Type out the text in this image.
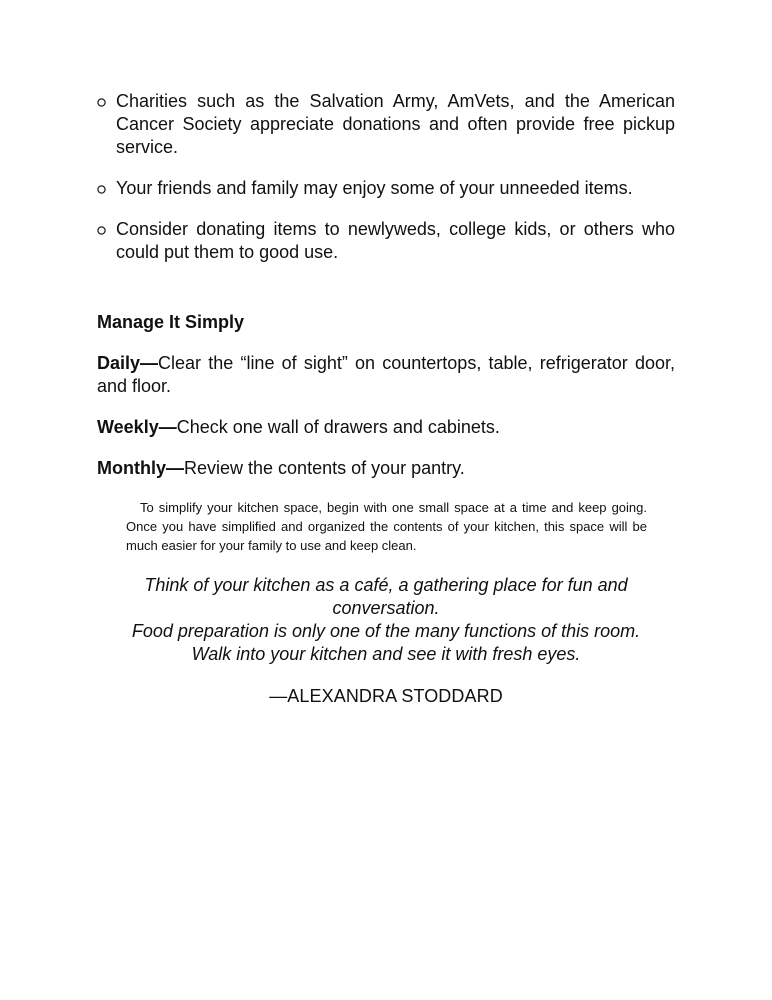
Charities such as the Salvation Army, AmVets, and the American Cancer Society appreciate donations and often provide free pickup service.
Your friends and family may enjoy some of your unneeded items.
Consider donating items to newlyweds, college kids, or others who could put them to good use.
Manage It Simply
Daily—Clear the “line of sight” on countertops, table, refrigerator door, and floor.
Weekly—Check one wall of drawers and cabinets.
Monthly—Review the contents of your pantry.

To simplify your kitchen space, begin with one small space at a time and keep going. Once you have simplified and organized the contents of your kitchen, this space will be much easier for your family to use and keep clean.

Think of your kitchen as a café, a gathering place for fun and conversation.
Food preparation is only one of the many functions of this room.
Walk into your kitchen and see it with fresh eyes.
—ALEXANDRA STODDARD
